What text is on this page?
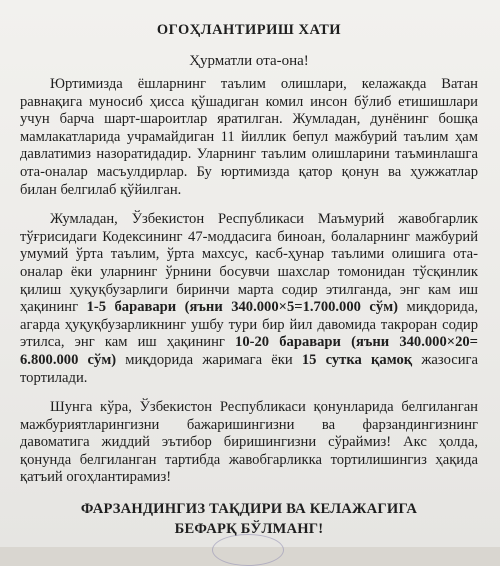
ОГОҲЛАНТИРИШ ХАТИ
Ҳурматли ота-она!

Юртимизда ёшларнинг таълим олишлари, келажакда Ватан равнақига муносиб ҳисса қўшадиган комил инсон бўлиб етишишлари учун барча шарт-шароитлар яратилган. Жумладан, дунёнинг бошқа мамлакатларида учрамайдиган 11 йиллик бепул мажбурий таълим ҳам давлатимиз назоратидадир. Уларнинг таълим олишларини таъминлашга ота-оналар масъулдирлар. Бу юртимизда қатор қонун ва ҳужжатлар билан белгилаб қўйилган.

Жумладан, Ўзбекистон Республикаси Маъмурий жавобгарлик тўғрисидаги Кодексининг 47-моддасига биноан, болаларнинг мажбурий умумий ўрта таълим, ўрта махсус, касб-ҳунар таълими олишига ота-оналар ёки уларнинг ўрнини босувчи шахслар томонидан тўсқинлик қилиш ҳуқуқбузарлиги биринчи марта содир этилганда, энг кам иш ҳақининг 1-5 баравари (яъни 340.000×5=1.700.000 сўм) миқдорида, агарда ҳуқуқбузарликнинг ушбу тури бир йил давомида такроран содир этилса, энг кам иш ҳақининг 10-20 баравари (яъни 340.000×20= 6.800.000 сўм) миқдорида жаримага ёки 15 сутка қамоқ жазосига тортилади.

Шунга кўра, Ўзбекистон Республикаси қонунларида белгиланган мажбуриятларингизни бажаришингизни ва фарзандингизнинг давоматига жиддий эътибор биришингизни сўраймиз! Акс ҳолда, қонунда белгиланган тартибда жавобгарликка тортилишингиз ҳақида қатъий огоҳлантирамиз!

ФАРЗАНДИНГИЗ ТАҚДИРИ ВА КЕЛАЖАГИГА
БЕФАРҚ БЎЛМАНГ!
